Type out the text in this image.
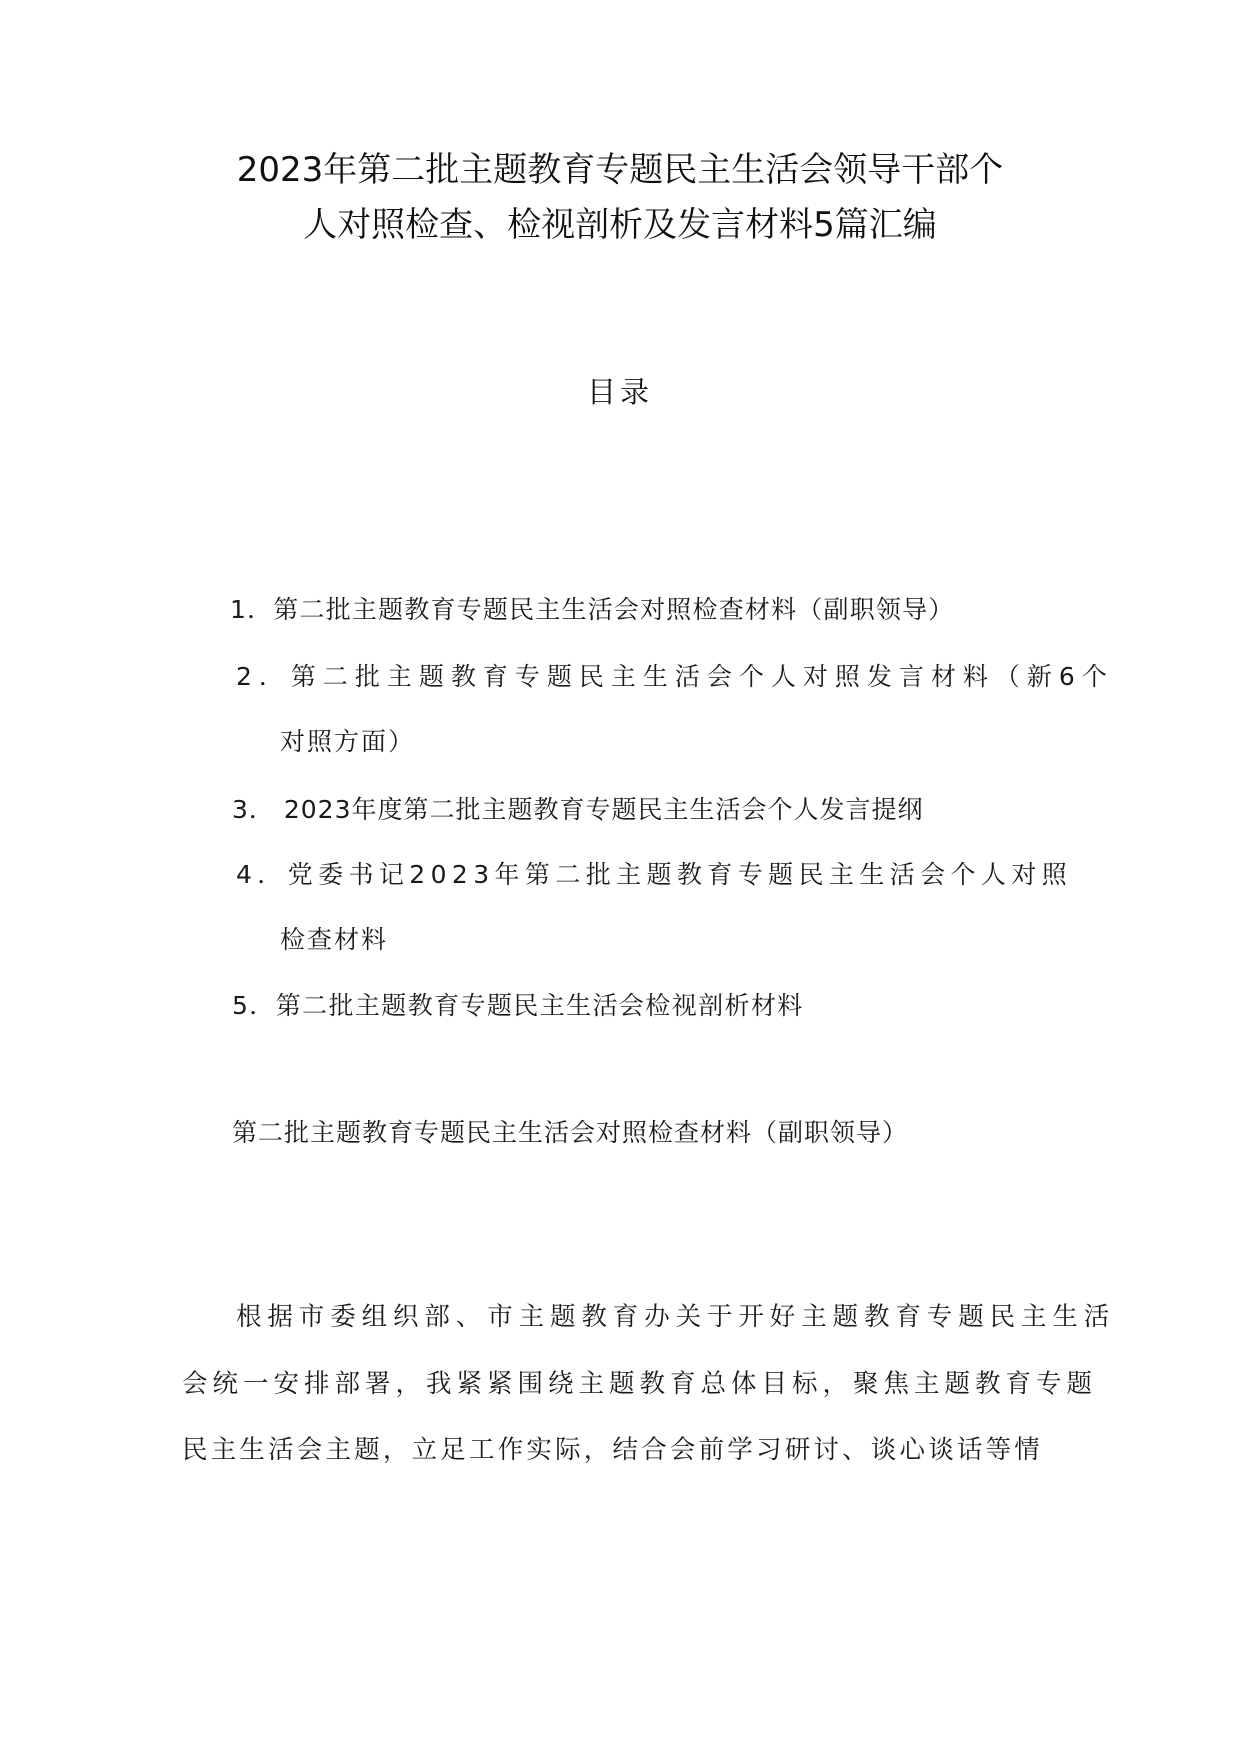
2023年第二批主题教育专题民主生活会领导干部个
人对照检查、检视剖析及发言材料5篇汇编
目录
1．第二批主题教育专题民主生活会对照检查材料（副职领导）
2．第二批主题教育专题民主生活会个人对照发言材料（新6个
对照方面）
3． 2023年度第二批主题教育专题民主生活会个人发言提纲
4．党委书记2023年第二批主题教育专题民主生活会个人对照
检查材料
5．第二批主题教育专题民主生活会检视剖析材料
第二批主题教育专题民主生活会对照检查材料（副职领导）
根据市委组织部、市主题教育办关于开好主题教育专题民主生活
会统一安排部署，我紧紧围绕主题教育总体目标，聚焦主题教育专题
民主生活会主题，立足工作实际，结合会前学习研讨、谈心谈话等情
